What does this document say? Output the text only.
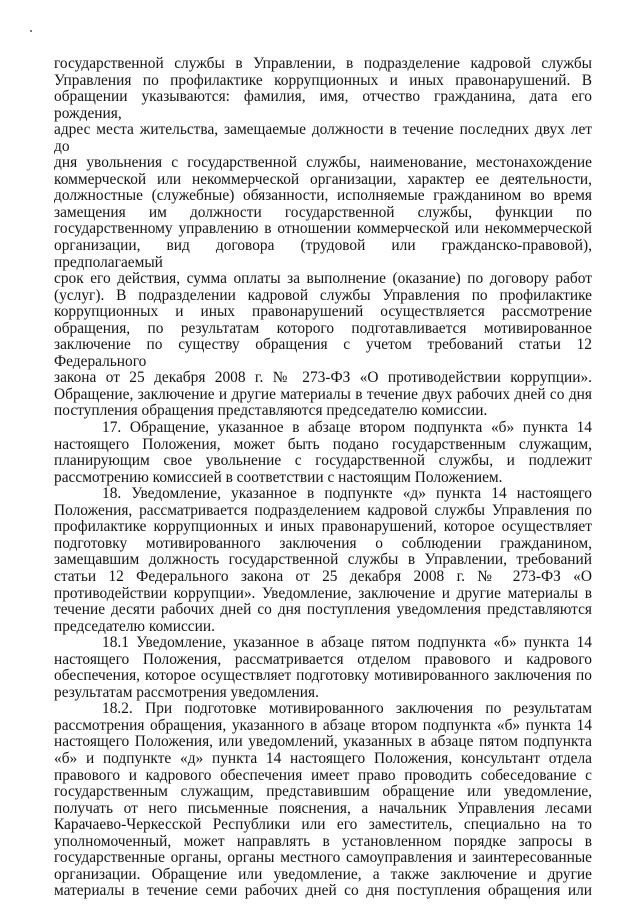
государственной службы в Управлении, в подразделение кадровой службы

Управления по профилактике коррупционных и иных правонарушений. В

обращении указываются: фамилия, имя, отчество гражданина, дата его рождения,

адрес места жительства, замещаемые должности в течение последних двух лет до

дня увольнения с государственной службы, наименование, местонахождение

коммерческой или некоммерческой организации, характер ее деятельности,

должностные (служебные) обязанности, исполняемые гражданином во время

замещения им должности государственной службы, функции по

государственному управлению в отношении коммерческой или некоммерческой

организации, вид договора (трудовой или гражданско-правовой), предполагаемый

срок его действия, сумма оплаты за выполнение (оказание) по договору работ

(услуг). В подразделении кадровой службы Управления по профилактике

коррупционных и иных правонарушений осуществляется рассмотрение

обращения, по результатам которого подготавливается мотивированное

заключение по существу обращения с учетом требований статьи 12 Федерального

закона от 25 декабря 2008 г. № 273-ФЗ «О противодействии коррупции».

Обращение, заключение и другие материалы в течение двух рабочих дней со дня

поступления обращения представляются председателю комиссии.

17. Обращение, указанное в абзаце втором подпункта «б» пункта 14

настоящего Положения, может быть подано государственным служащим,

планирующим свое увольнение с государственной службы, и подлежит

рассмотрению комиссией в соответствии с настоящим Положением.

18. Уведомление, указанное в подпункте «д» пункта 14 настоящего

Положения, рассматривается подразделением кадровой службы Управления по

профилактике коррупционных и иных правонарушений, которое осуществляет

подготовку мотивированного заключения о соблюдении гражданином,

замещавшим должность государственной службы в Управлении, требований

статьи 12 Федерального закона от 25 декабря 2008 г. № 273-ФЗ «О

противодействии коррупции». Уведомление, заключение и другие материалы в

течение десяти рабочих дней со дня поступления уведомления представляются

председателю комиссии.

18.1 Уведомление, указанное в абзаце пятом подпункта «б» пункта 14

настоящего Положения, рассматривается отделом правового и кадрового

обеспечения, которое осуществляет подготовку мотивированного заключения по

результатам рассмотрения уведомления.

18.2. При подготовке мотивированного заключения по результатам

рассмотрения обращения, указанного в абзаце втором подпункта «б» пункта 14

настоящего Положения, или уведомлений, указанных в абзаце пятом подпункта

«б» и подпункте «д» пункта 14 настоящего Положения, консультант отдела

правового и кадрового обеспечения имеет право проводить собеседование с

государственным служащим, представившим обращение или уведомление,

получать от него письменные пояснения, а начальник Управления лесами

Карачаево-Черкесской Республики или его заместитель, специально на то

уполномоченный, может направлять в установленном порядке запросы в

государственные органы, органы местного самоуправления и заинтересованные

организации. Обращение или уведомление, а также заключение и другие

материалы в течение семи рабочих дней со дня поступления обращения или
